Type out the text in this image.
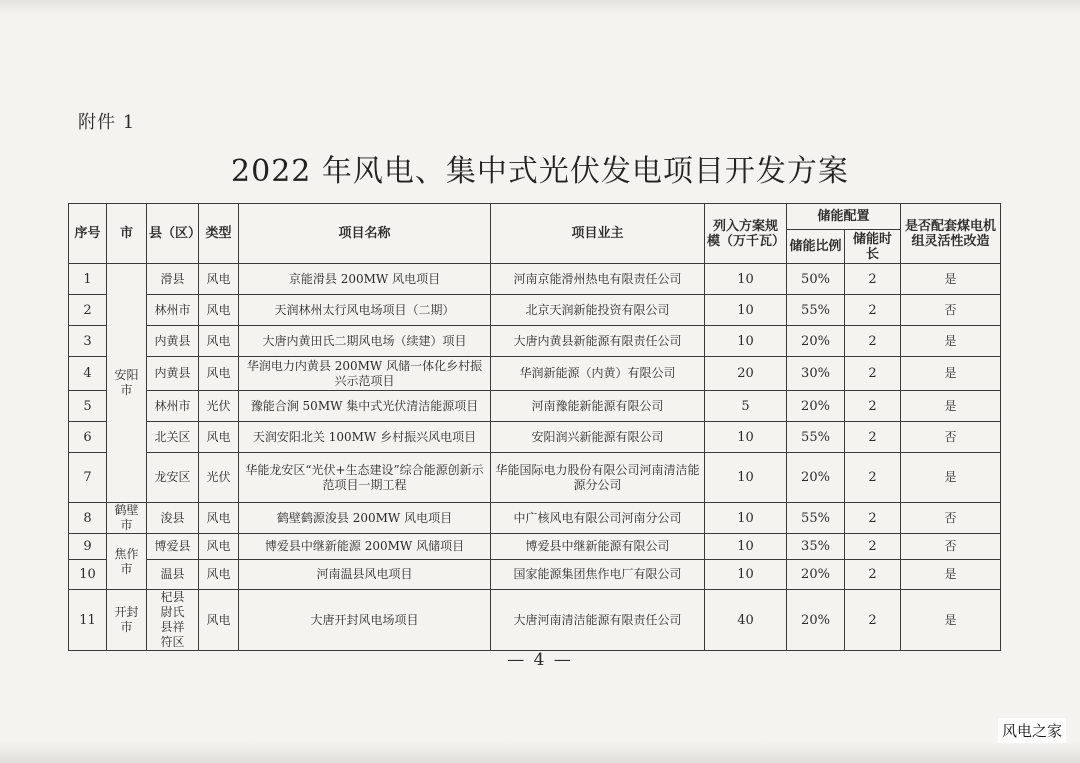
附件 1
2022 年风电、集中式光伏发电项目开发方案
序号	市	县（区）	类型	项目名称	项目业主	列入方案规模（万千瓦）	储能配置		是否配套煤电机组灵活性改造
							储能比例	储能时长	
1	安阳市	滑县	风电	京能滑县 200MW 风电项目	河南京能滑州热电有限责任公司	10	50%	2	是
2		林州市	风电	天润林州太行风电场项目（二期）	北京天润新能投资有限公司	10	55%	2	否
3		内黄县	风电	大唐内黄田氏二期风电场（续建）项目	大唐内黄县新能源有限责任公司	10	20%	2	是
4		内黄县	风电	华润电力内黄县 200MW 风储一体化乡村振兴示范项目	华润新能源（内黄）有限公司	20	30%	2	是
5		林州市	光伏	豫能合涧 50MW 集中式光伏清洁能源项目	河南豫能新能源有限公司	5	20%	2	是
6		北关区	风电	天润安阳北关 100MW 乡村振兴风电项目	安阳润兴新能源有限公司	10	55%	2	否
7		龙安区	光伏	华能龙安区“光伏+生态建设”综合能源创新示范项目一期工程	华能国际电力股份有限公司河南清洁能源分公司	10	20%	2	是
8	鹤壁市	浚县	风电	鹤壁鹤源浚县 200MW 风电项目	中广核风电有限公司河南分公司	10	55%	2	否
9	焦作市	博爱县	风电	博爱县中继新能源 200MW 风储项目	博爱县中继新能源有限公司	10	35%	2	否
10		温县	风电	河南温县风电项目	国家能源集团焦作电厂有限公司	10	20%	2	是
11	开封市	杞县尉氏县祥符区	风电	大唐开封风电场项目	大唐河南清洁能源有限责任公司	40	20%	2	是
— 4 —
风电之家
